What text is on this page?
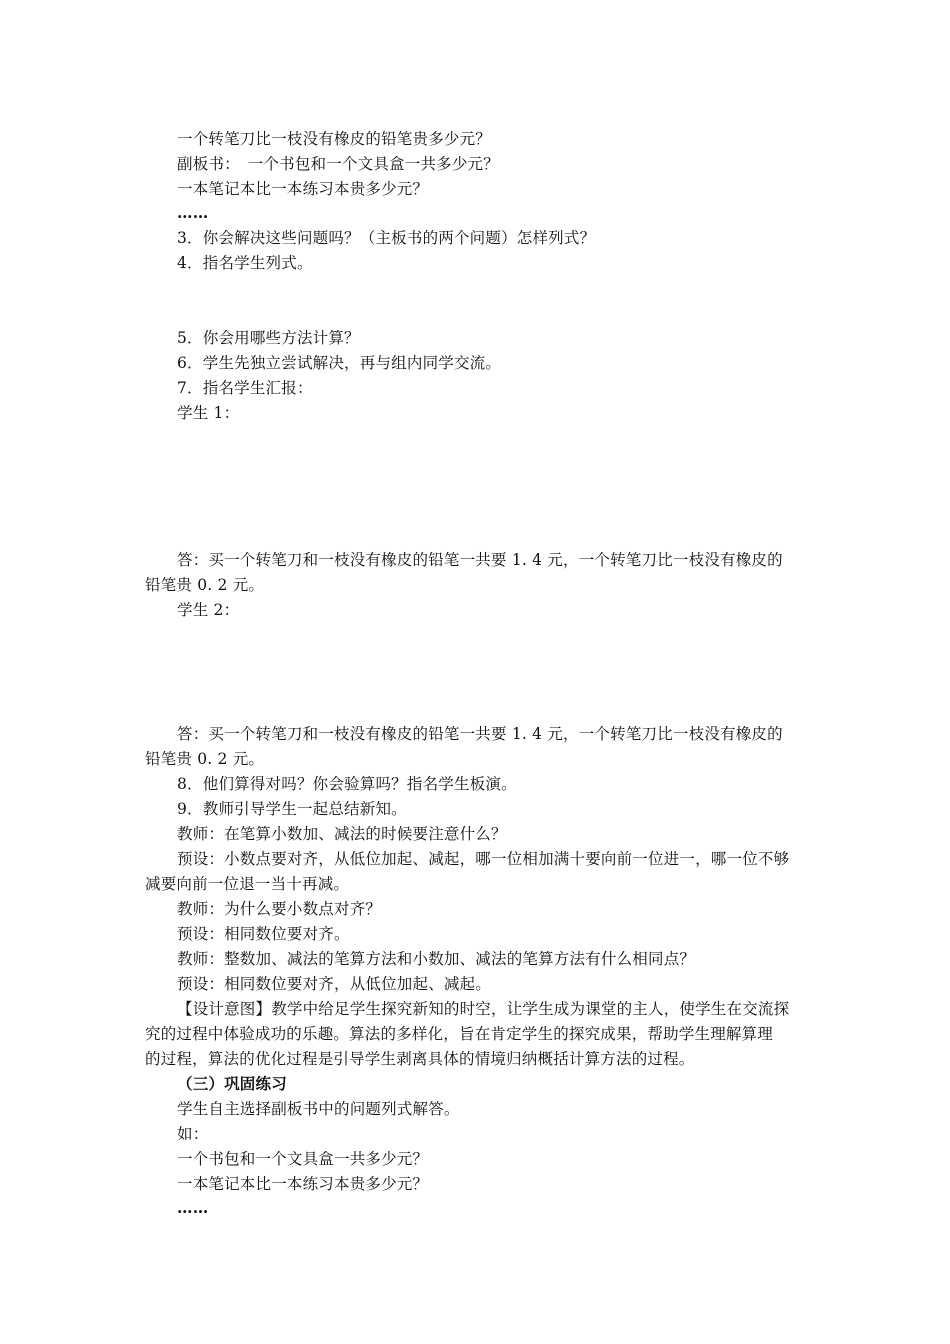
一个转笔刀比一枝没有橡皮的铅笔贵多少元？
副板书：　一个书包和一个文具盒一共多少元？
一本笔记本比一本练习本贵多少元？
……
3．你会解决这些问题吗？（主板书的两个问题）怎样列式？
4．指名学生列式。
5．你会用哪些方法计算？
6．学生先独立尝试解决，再与组内同学交流。
7．指名学生汇报：
学生 1：
答：买一个转笔刀和一枝没有橡皮的铅笔一共要 1. 4 元，一个转笔刀比一枝没有橡皮的
铅笔贵 0. 2 元。
学生 2：
答：买一个转笔刀和一枝没有橡皮的铅笔一共要 1. 4 元，一个转笔刀比一枝没有橡皮的
铅笔贵 0. 2 元。
8．他们算得对吗？你会验算吗？指名学生板演。
9．教师引导学生一起总结新知。
教师：在笔算小数加、减法的时候要注意什么？
预设：小数点要对齐，从低位加起、减起，哪一位相加满十要向前一位进一，哪一位不够
减要向前一位退一当十再减。
教师：为什么要小数点对齐？
预设：相同数位要对齐。
教师：整数加、减法的笔算方法和小数加、减法的笔算方法有什么相同点？
预设：相同数位要对齐，从低位加起、减起。
【设计意图】教学中给足学生探究新知的时空，让学生成为课堂的主人，使学生在交流探
究的过程中体验成功的乐趣。算法的多样化，旨在肯定学生的探究成果，帮助学生理解算理
的过程，算法的优化过程是引导学生剥离具体的情境归纳概括计算方法的过程。
（三）巩固练习
学生自主选择副板书中的问题列式解答。
如：
一个书包和一个文具盒一共多少元？
一本笔记本比一本练习本贵多少元？
……
